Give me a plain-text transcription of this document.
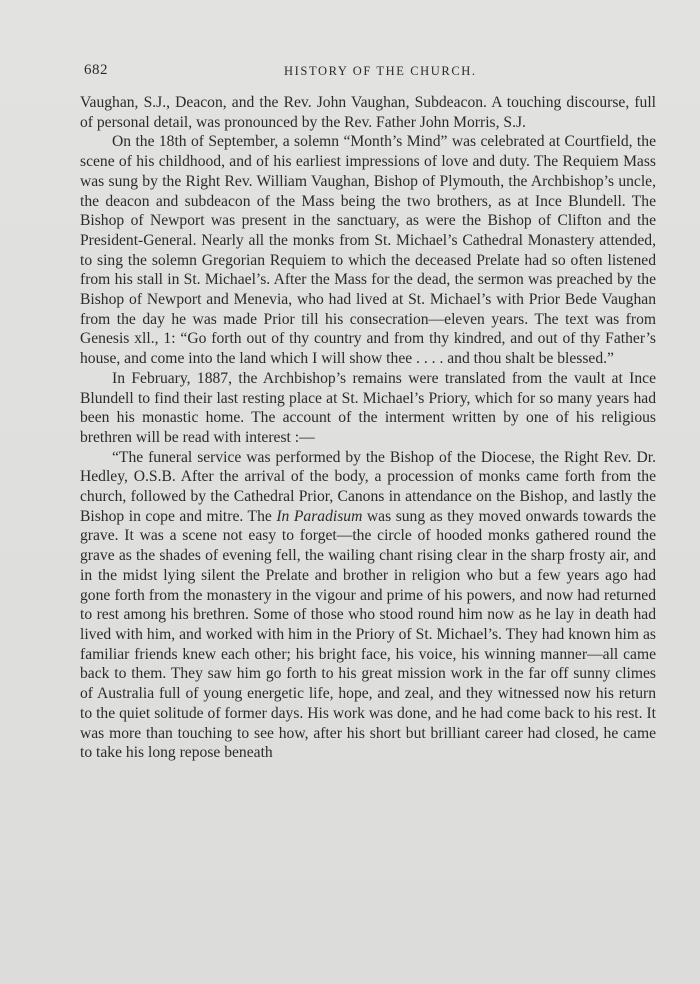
682	HISTORY OF THE CHURCH.

Vaughan, S.J., Deacon, and the Rev. John Vaughan, Subdeacon. A touching discourse, full of personal detail, was pronounced by the Rev. Father John Morris, S.J.

On the 18th of September, a solemn “Month’s Mind” was celebrated at Courtfield, the scene of his childhood, and of his earliest impressions of love and duty. The Requiem Mass was sung by the Right Rev. William Vaughan, Bishop of Plymouth, the Archbishop’s uncle, the deacon and subdeacon of the Mass being the two brothers, as at Ince Blundell. The Bishop of Newport was present in the sanctuary, as were the Bishop of Clifton and the President-General. Nearly all the monks from St. Michael’s Cathedral Monastery attended, to sing the solemn Gregorian Requiem to which the deceased Prelate had so often listened from his stall in St. Michael’s. After the Mass for the dead, the sermon was preached by the Bishop of Newport and Menevia, who had lived at St. Michael’s with Prior Bede Vaughan from the day he was made Prior till his consecration—eleven years. The text was from Genesis xll., 1: “Go forth out of thy country and from thy kindred, and out of thy Father’s house, and come into the land which I will show thee . . . . and thou shalt be blessed.”

In February, 1887, the Archbishop’s remains were translated from the vault at Ince Blundell to find their last resting place at St. Michael’s Priory, which for so many years had been his monastic home. The account of the interment written by one of his religious brethren will be read with interest :—

“The funeral service was performed by the Bishop of the Diocese, the Right Rev. Dr. Hedley, O.S.B. After the arrival of the body, a procession of monks came forth from the church, followed by the Cathedral Prior, Canons in attendance on the Bishop, and lastly the Bishop in cope and mitre. The In Paradisum was sung as they moved onwards towards the grave. It was a scene not easy to forget—the circle of hooded monks gathered round the grave as the shades of evening fell, the wailing chant rising clear in the sharp frosty air, and in the midst lying silent the Prelate and brother in religion who but a few years ago had gone forth from the monastery in the vigour and prime of his powers, and now had returned to rest among his brethren. Some of those who stood round him now as he lay in death had lived with him, and worked with him in the Priory of St. Michael’s. They had known him as familiar friends knew each other; his bright face, his voice, his winning manner—all came back to them. They saw him go forth to his great mission work in the far off sunny climes of Australia full of young energetic life, hope, and zeal, and they witnessed now his return to the quiet solitude of former days. His work was done, and he had come back to his rest. It was more than touching to see how, after his short but brilliant career had closed, he came to take his long repose beneath
